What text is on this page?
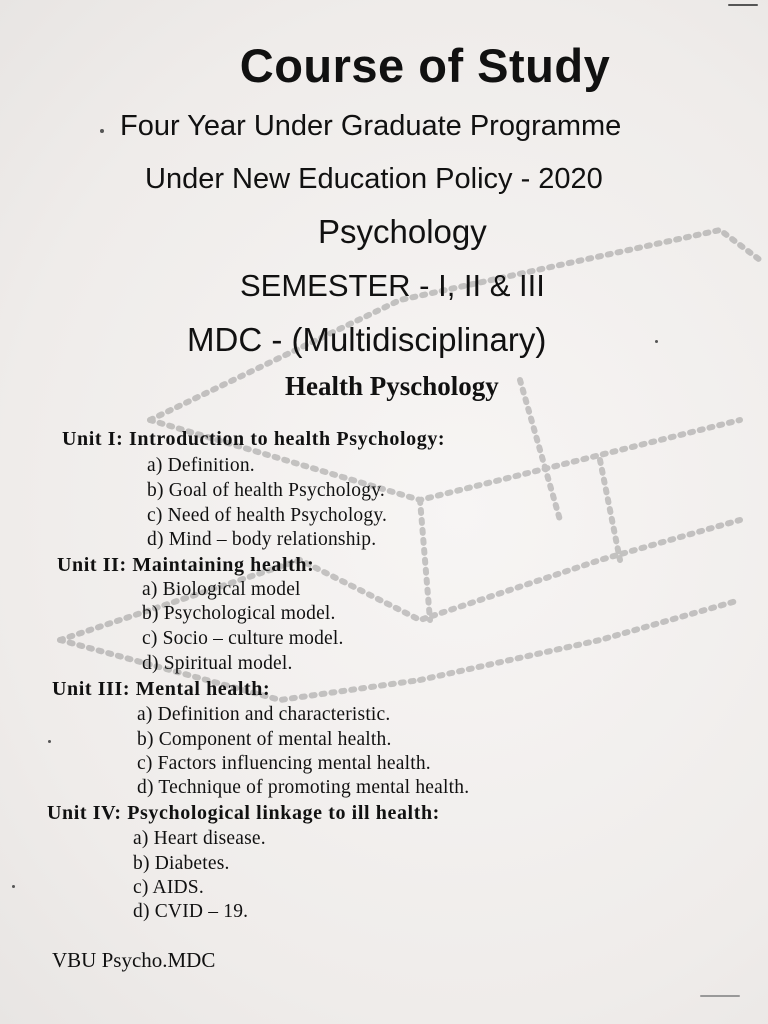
Course of Study
Four Year Under Graduate Programme
Under New Education Policy - 2020
Psychology
SEMESTER - I, II & III
MDC - (Multidisciplinary)
Health Pyschology
Unit I: Introduction to health Psychology:
a) Definition.
b) Goal of health Psychology.
c) Need of health Psychology.
d) Mind – body relationship.
Unit II: Maintaining health:
a) Biological model
b) Psychological model.
c) Socio – culture model.
d) Spiritual model.
Unit III: Mental health:
a) Definition and characteristic.
b) Component of mental health.
c) Factors influencing mental health.
d) Technique of promoting mental health.
Unit IV: Psychological linkage to ill health:
a) Heart disease.
b) Diabetes.
c) AIDS.
d) CVID – 19.
VBU Psycho.MDC
